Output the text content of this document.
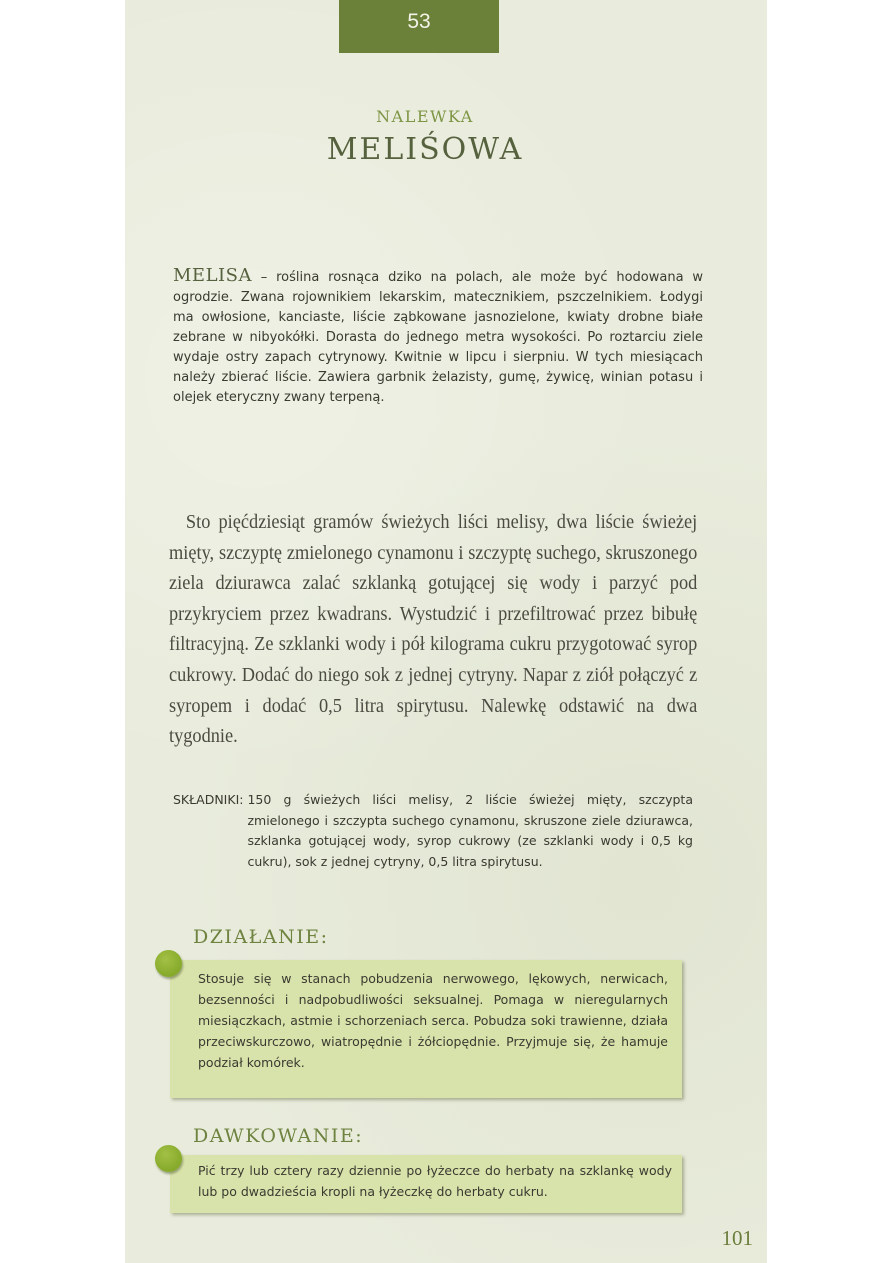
53
NALEWKA
MELIŚOWA
MELISA – roślina rosnąca dziko na polach, ale może być hodowana w ogrodzie. Zwana rojownikiem lekarskim, matecznikiem, pszczelnikiem. Łodygi ma owłosione, kanciaste, liście ząbkowane jasnozielone, kwiaty drobne białe zebrane w nibyokółki. Dorasta do jednego metra wysokości. Po roztarciu ziele wydaje ostry zapach cytrynowy. Kwitnie w lipcu i sierpniu. W tych miesiącach należy zbierać liście. Zawiera garbnik żelazisty, gumę, żywicę, winian potasu i olejek eteryczny zwany terpeną.
Sto pięćdziesiąt gramów świeżych liści melisy, dwa liście świeżej mięty, szczyptę zmielonego cynamonu i szczyptę suchego, skruszonego ziela dziurawca zalać szklanką gotującej się wody i parzyć pod przykryciem przez kwadrans. Wystudzić i przefiltrować przez bibułę filtracyjną. Ze szklanki wody i pół kilograma cukru przygotować syrop cukrowy. Dodać do niego sok z jednej cytryny. Napar z ziół połączyć z syropem i dodać 0,5 litra spirytusu. Nalewkę odstawić na dwa tygodnie.
SKŁADNIKI: 150 g świeżych liści melisy, 2 liście świeżej mięty, szczypta zmielonego i szczypta suchego cynamonu, skruszone ziele dziurawca, szklanka gotującej wody, syrop cukrowy (ze szklanki wody i 0,5 kg cukru), sok z jednej cytryny, 0,5 litra spirytusu.
DZIAŁANIE:
Stosuje się w stanach pobudzenia nerwowego, lękowych, nerwicach, bezsenności i nadpobudliwości seksualnej. Pomaga w nieregularnych miesiączkach, astmie i schorzeniach serca. Pobudza soki trawienne, działa przeciwskurczowo, wiatropędnie i żółciopędnie. Przyjmuje się, że hamuje podział komórek.
DAWKOWANIE:
Pić trzy lub cztery razy dziennie po łyżeczce do herbaty na szklankę wody lub po dwadzieścia kropli na łyżeczkę do herbaty cukru.
101
